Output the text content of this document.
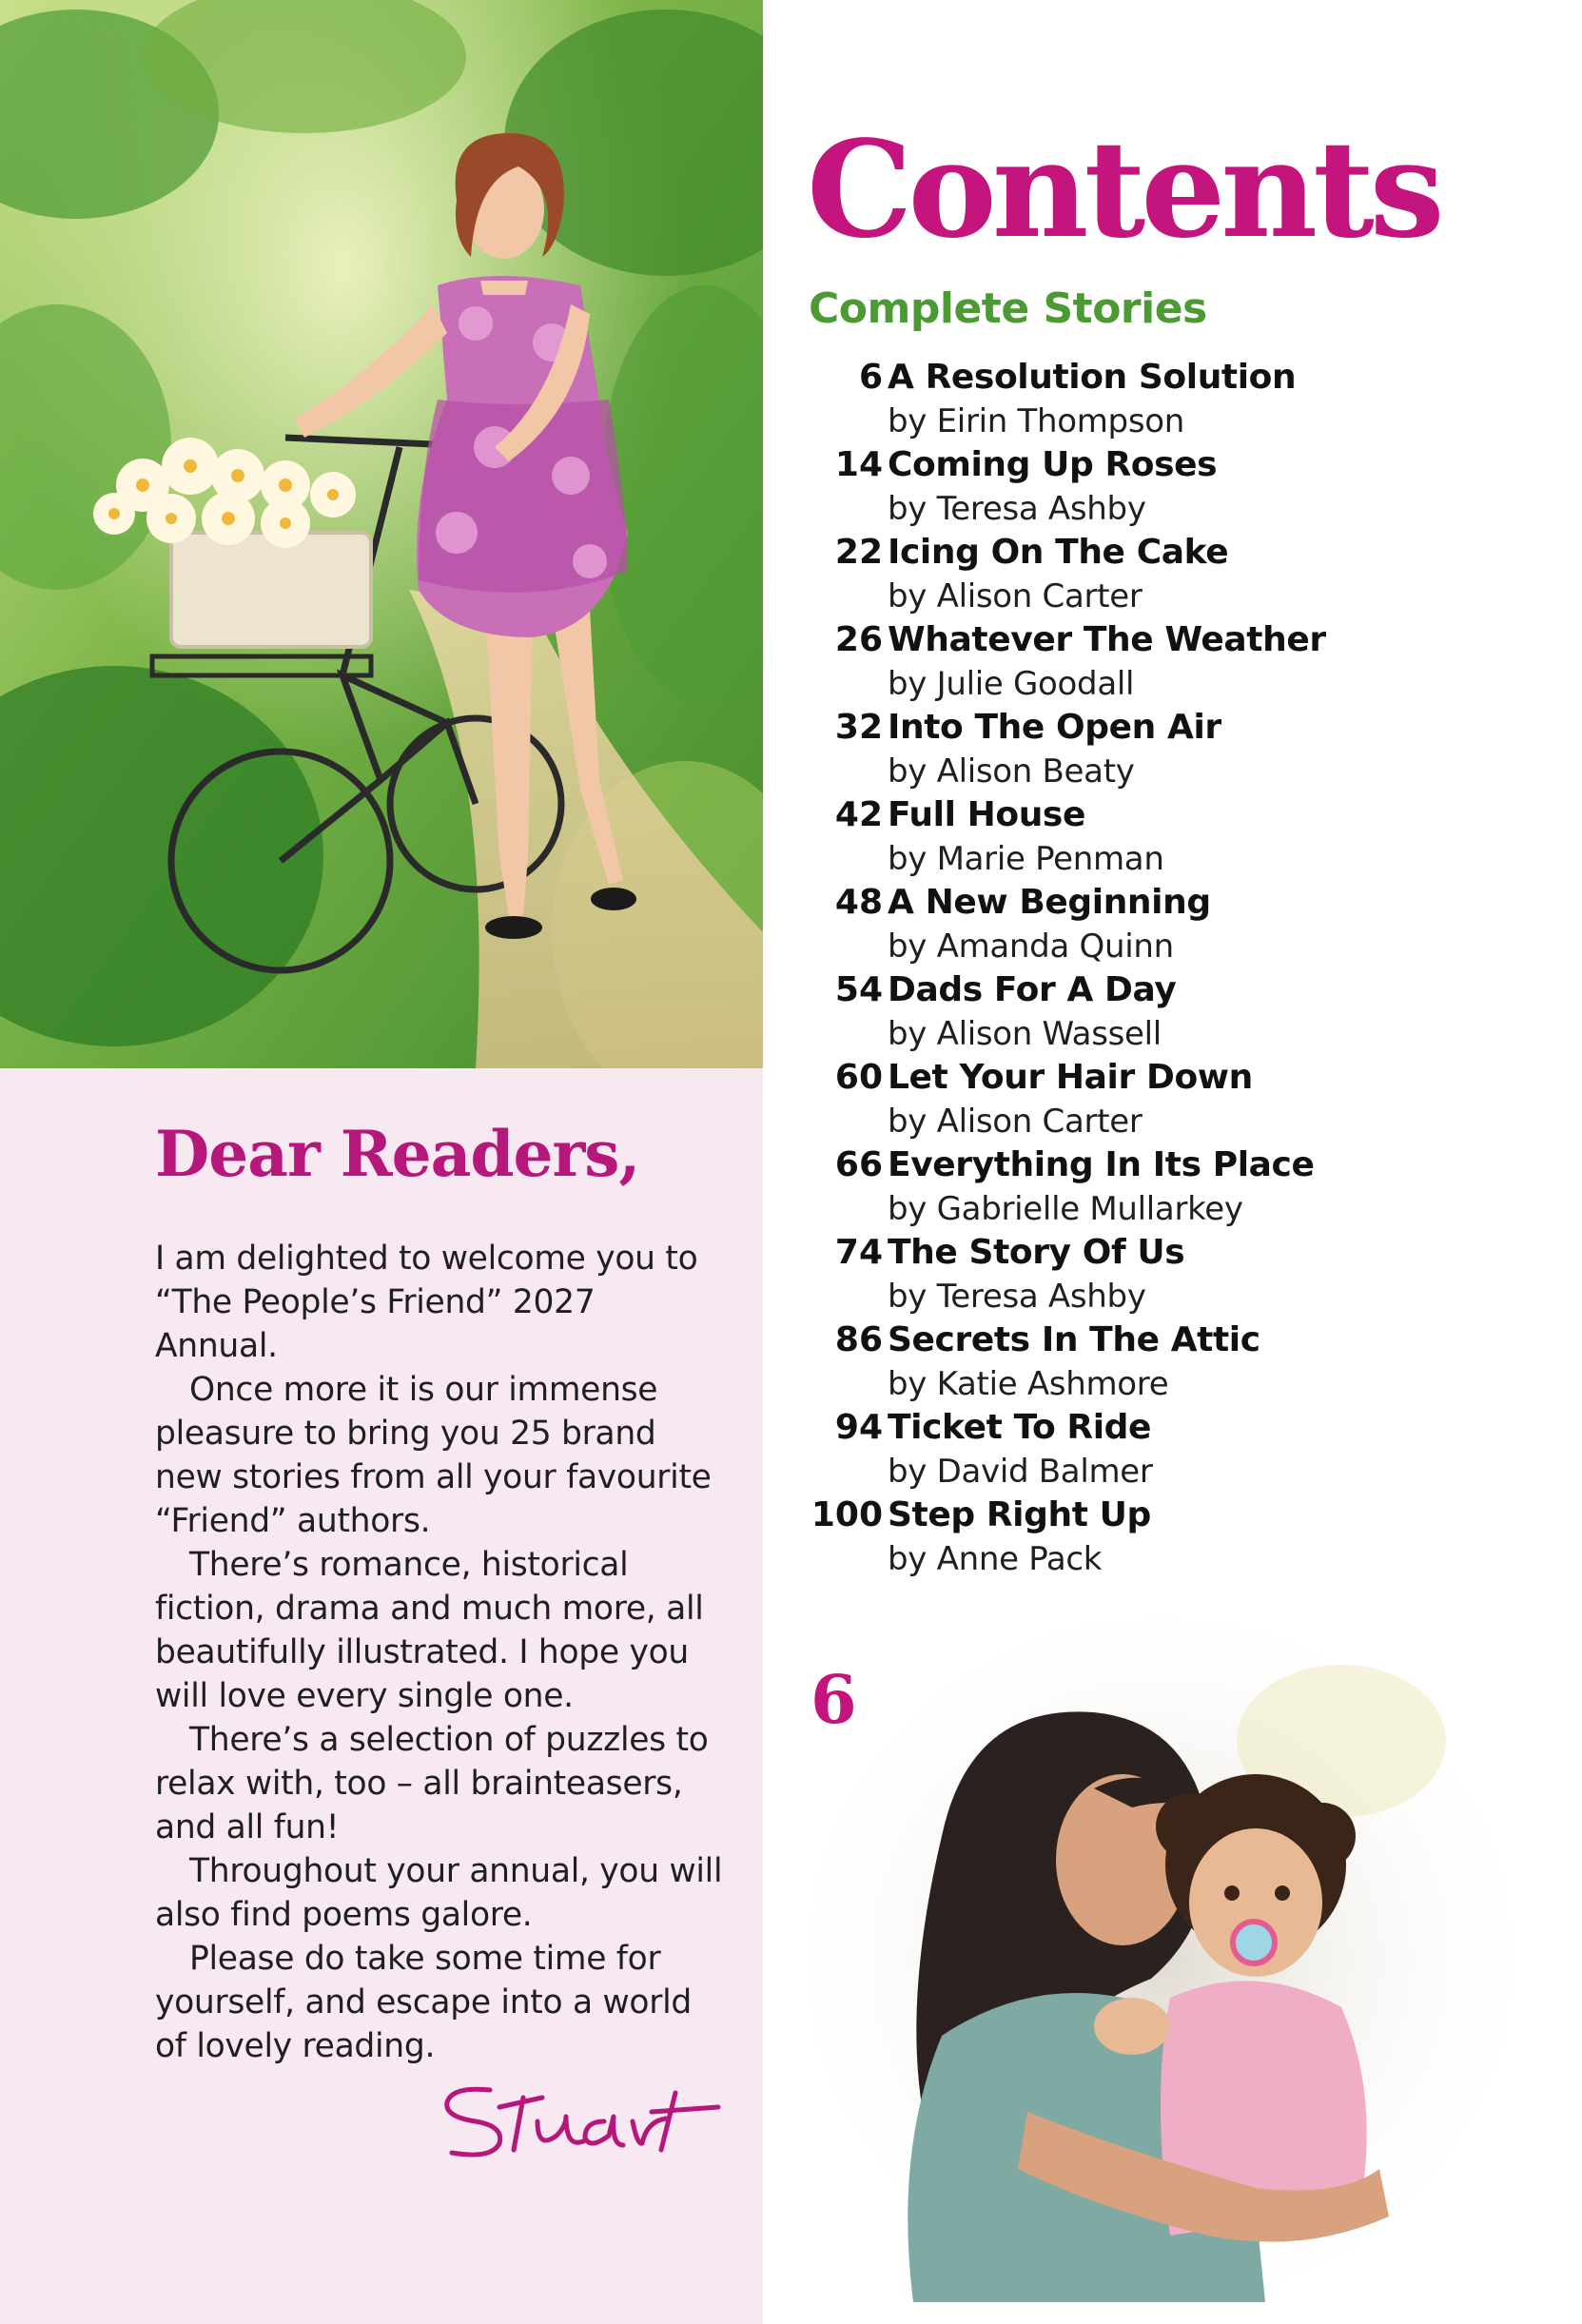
Dear Readers,

I am delighted to welcome you to “The People’s Friend” 2027 Annual.

Once more it is our immense pleasure to bring you 25 brand new stories from all your favourite “Friend” authors.

There’s romance, historical fiction, drama and much more, all beautifully illustrated. I hope you will love every single one.

There’s a selection of puzzles to relax with, too – all brainteasers, and all fun!

Throughout your annual, you will also find poems galore.

Please do take some time for yourself, and escape into a world of lovely reading.

Contents
Complete Stories
6 A Resolution Solution
by Eirin Thompson
14 Coming Up Roses
by Teresa Ashby
22 Icing On The Cake
by Alison Carter
26 Whatever The Weather
by Julie Goodall
32 Into The Open Air
by Alison Beaty
42 Full House
by Marie Penman
48 A New Beginning
by Amanda Quinn
54 Dads For A Day
by Alison Wassell
60 Let Your Hair Down
by Alison Carter
66 Everything In Its Place
by Gabrielle Mullarkey
74 The Story Of Us
by Teresa Ashby
86 Secrets In The Attic
by Katie Ashmore
94 Ticket To Ride
by David Balmer
100 Step Right Up
by Anne Pack
